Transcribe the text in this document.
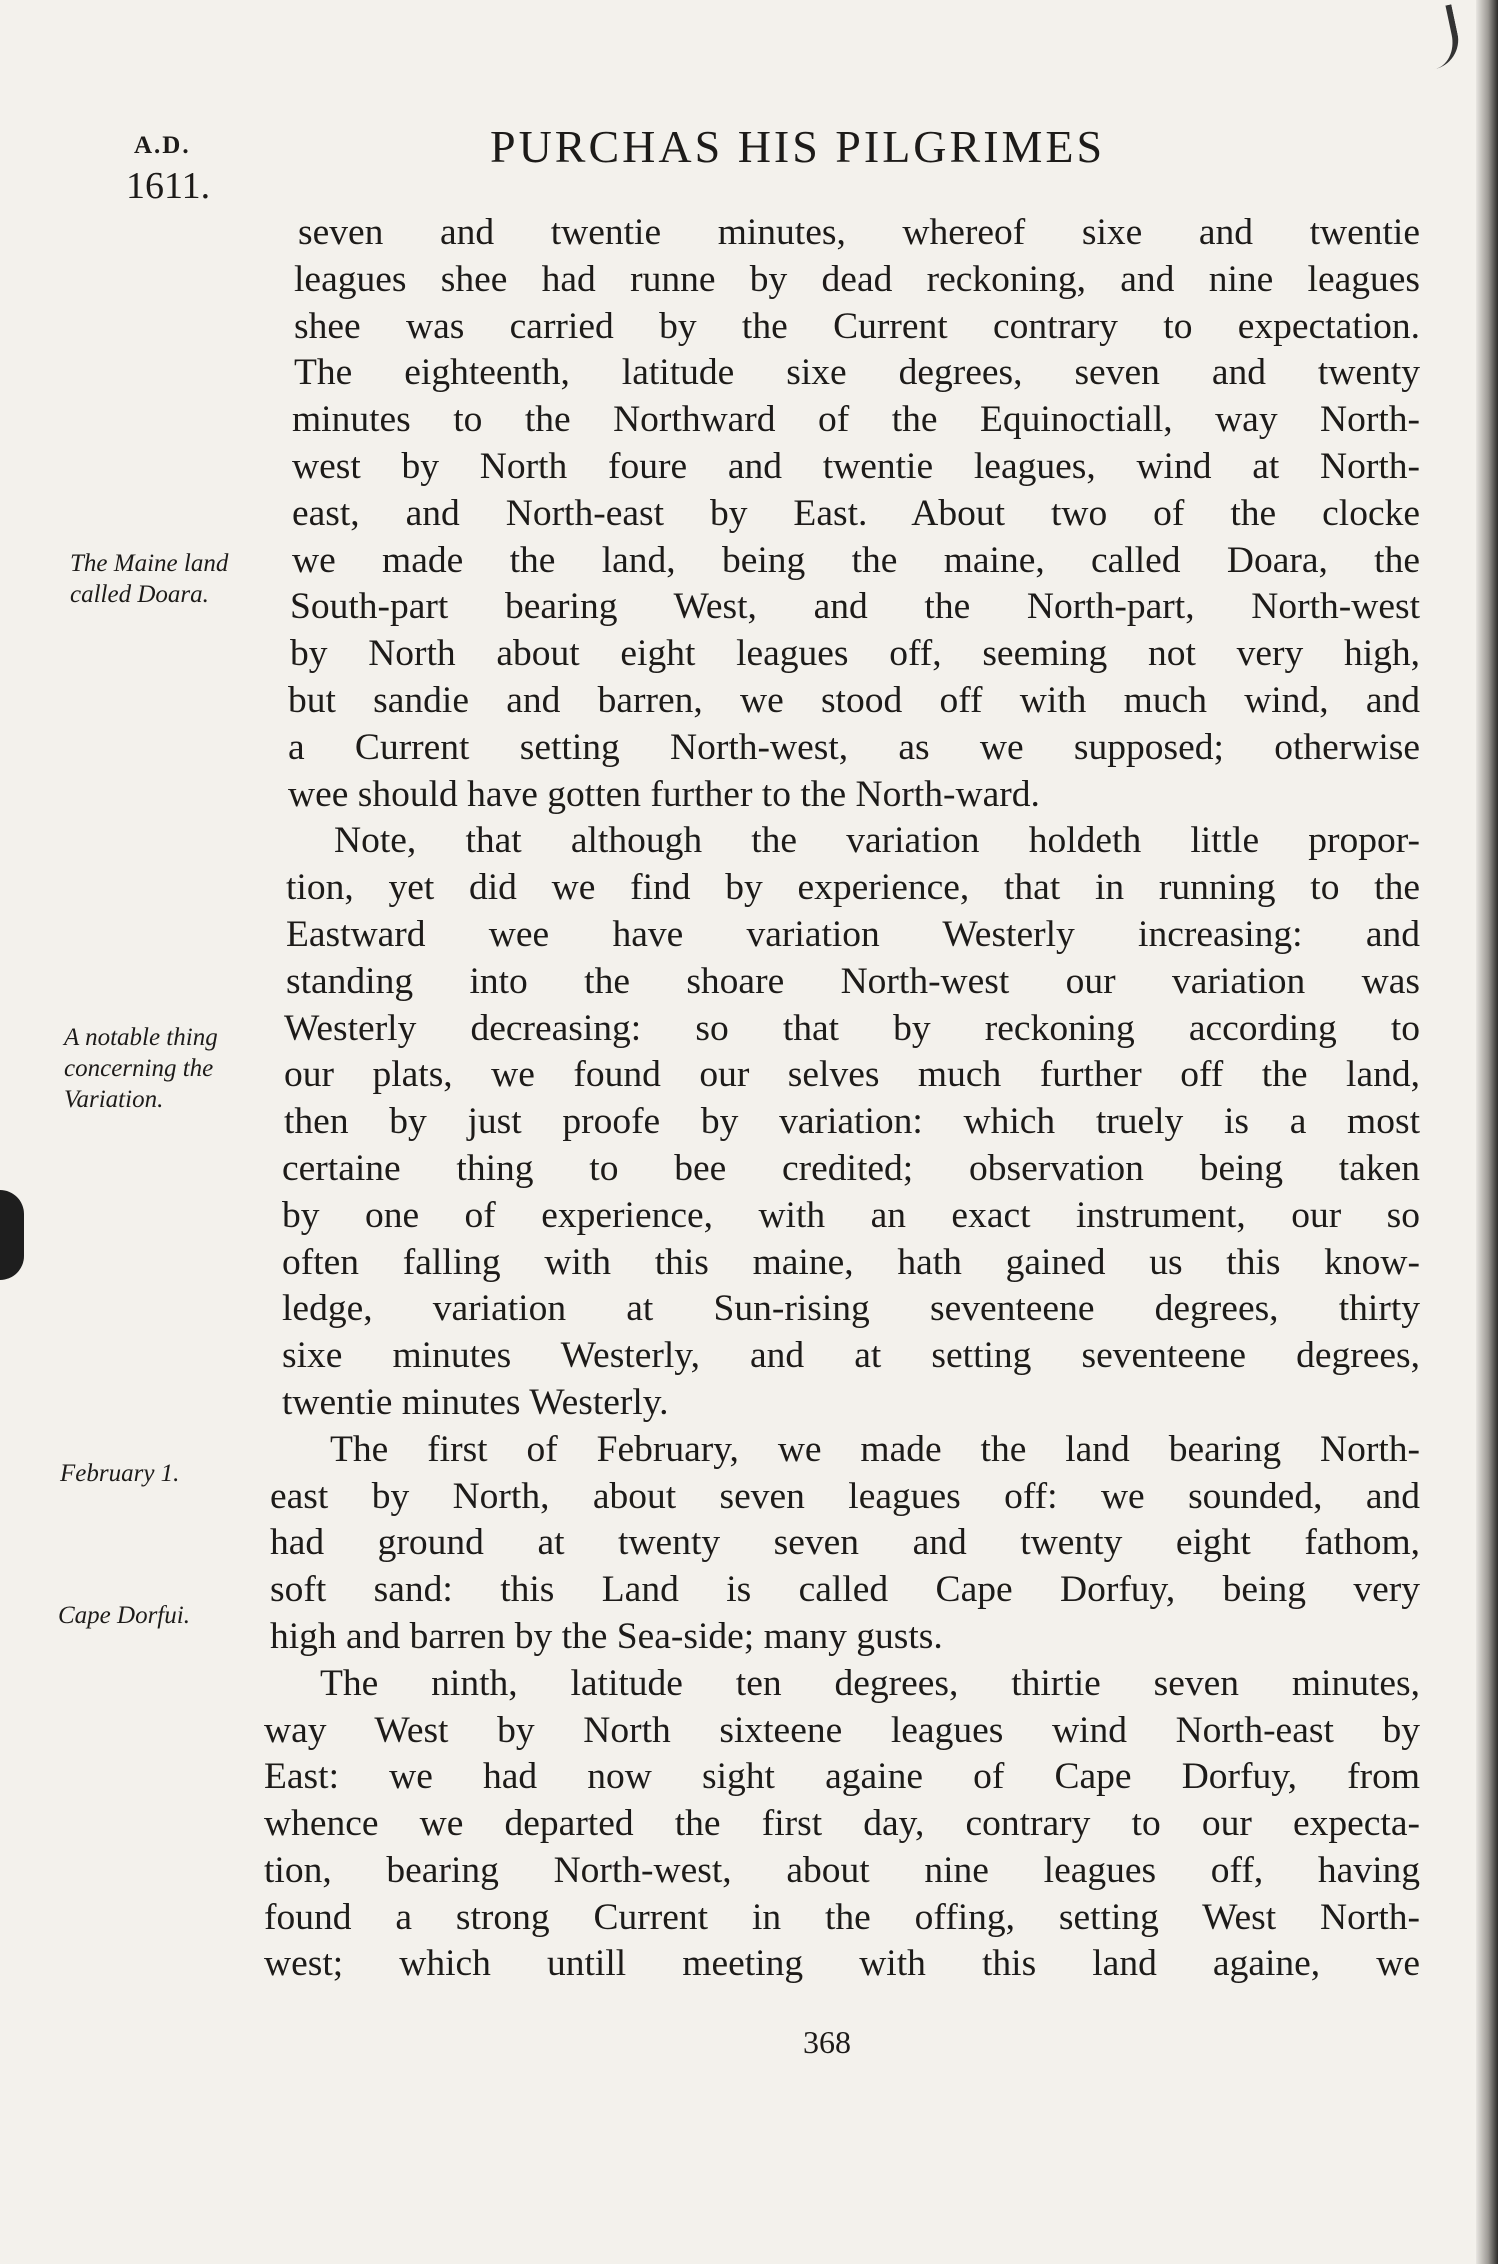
A.D.
1611.
PURCHAS HIS PILGRIMES
The Maine land called Doara.
A notable thing concerning the Variation.
February 1.
Cape Dorfui.
seven and twentie minutes, whereof sixe and twentie
leagues shee had runne by dead reckoning, and nine leagues
shee was carried by the Current contrary to expectation.
The eighteenth, latitude sixe degrees, seven and twenty
minutes to the Northward of the Equinoctiall, way North-
west by North foure and twentie leagues, wind at North-
east, and North-east by East. About two of the clocke
we made the land, being the maine, called Doara, the
South-part bearing West, and the North-part, North-west
by North about eight leagues off, seeming not very high,
but sandie and barren, we stood off with much wind, and
a Current setting North-west, as we supposed; otherwise
wee should have gotten further to the North-ward.
Note, that although the variation holdeth little propor-
tion, yet did we find by experience, that in running to the
Eastward wee have variation Westerly increasing: and
standing into the shoare North-west our variation was
Westerly decreasing: so that by reckoning according to
our plats, we found our selves much further off the land,
then by just proofe by variation: which truely is a most
certaine thing to bee credited; observation being taken
by one of experience, with an exact instrument, our so
often falling with this maine, hath gained us this know-
ledge, variation at Sun-rising seventeene degrees, thirty
sixe minutes Westerly, and at setting seventeene degrees,
twentie minutes Westerly.
The first of February, we made the land bearing North-
east by North, about seven leagues off: we sounded, and
had ground at twenty seven and twenty eight fathom,
soft sand: this Land is called Cape Dorfuy, being very
high and barren by the Sea-side; many gusts.
The ninth, latitude ten degrees, thirtie seven minutes,
way West by North sixteene leagues wind North-east by
East: we had now sight againe of Cape Dorfuy, from
whence we departed the first day, contrary to our expecta-
tion, bearing North-west, about nine leagues off, having
found a strong Current in the offing, setting West North-
west; which untill meeting with this land againe, we
368
